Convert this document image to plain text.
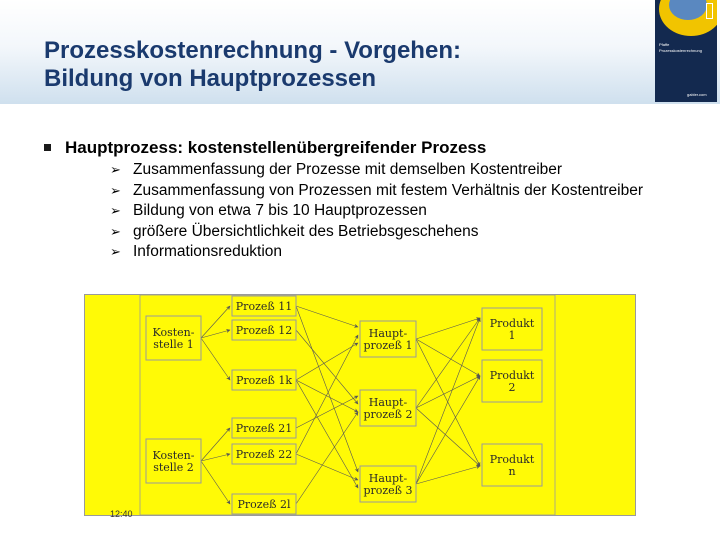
Prozesskostenrechnung - Vorgehen:
Bildung von Hauptprozessen
Pfaffe
Prozesskostenrechnung
gabler.com
Hauptprozess: kostenstellenübergreifender Prozess
➢ Zusammenfassung der Prozesse mit demselben Kostentreiber
➢ Zusammenfassung von Prozessen mit festem Verhältnis der Kostentreiber
➢ Bildung von etwa 7 bis 10 Hauptprozessen
➢ größere Übersichtlichkeit des Betriebsgeschehens
➢ Informationsreduktion
Kosten-
stelle 1
Kosten-
stelle 2
Prozeß 11
Prozeß 12
Prozeß 1k
Prozeß 21
Prozeß 22
Prozeß 2l
Haupt-
prozeß 1
Haupt-
prozeß 2
Haupt-
prozeß 3
Produkt
1
Produkt
2
Produkt
n
12:40
